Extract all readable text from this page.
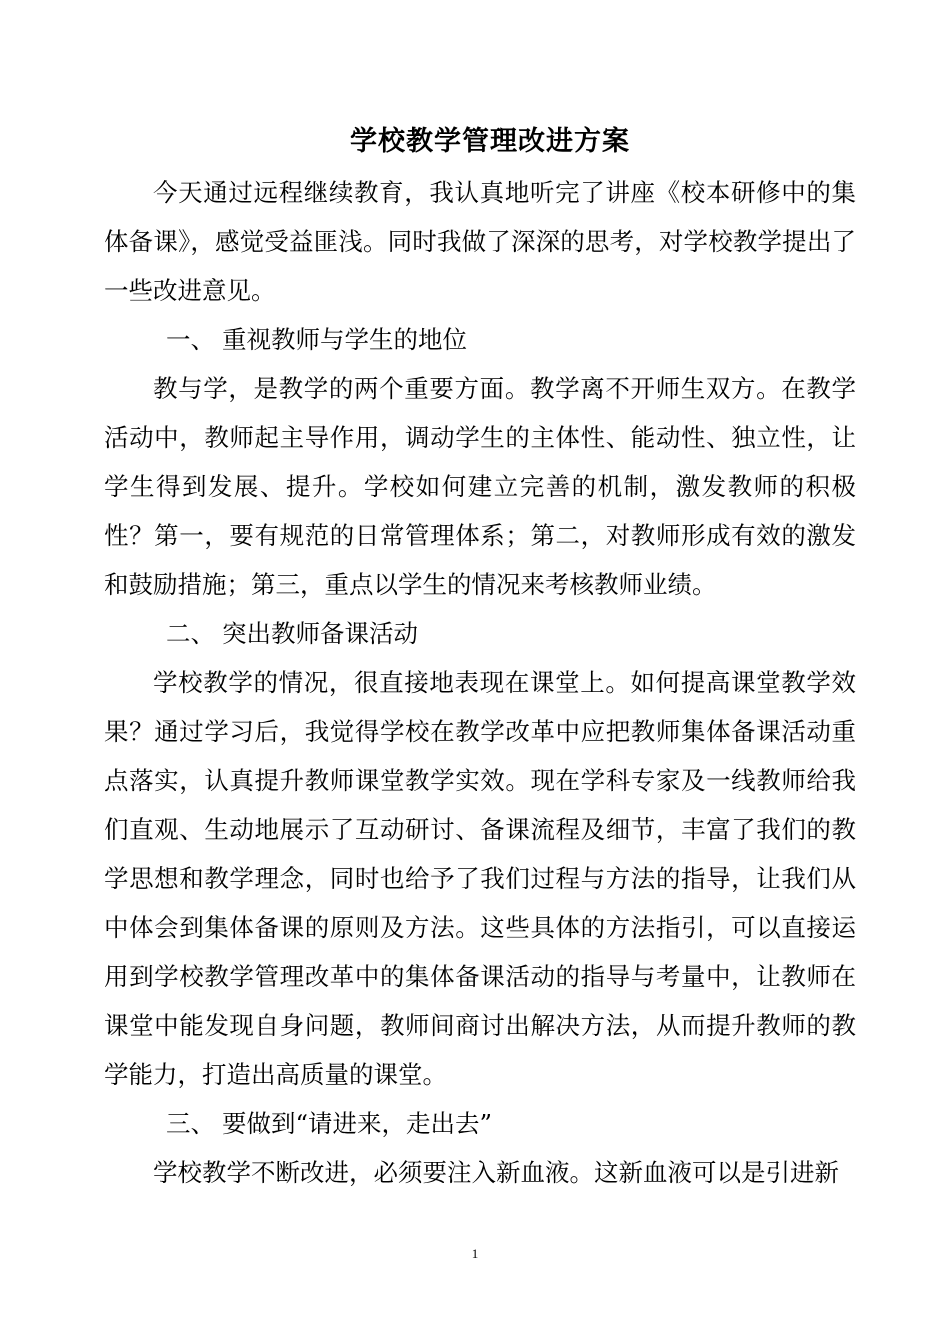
学校教学管理改进方案

今天通过远程继续教育，我认真地听完了讲座《校本研修中的集体备课》，感觉受益匪浅。同时我做了深深的思考，对学校教学提出了一些改进意见。

一、 重视教师与学生的地位

教与学，是教学的两个重要方面。教学离不开师生双方。在教学活动中，教师起主导作用，调动学生的主体性、能动性、独立性，让学生得到发展、提升。学校如何建立完善的机制，激发教师的积极性？第一，要有规范的日常管理体系；第二，对教师形成有效的激发和鼓励措施；第三，重点以学生的情况来考核教师业绩。

二、 突出教师备课活动

学校教学的情况，很直接地表现在课堂上。如何提高课堂教学效果？通过学习后，我觉得学校在教学改革中应把教师集体备课活动重点落实，认真提升教师课堂教学实效。现在学科专家及一线教师给我们直观、生动地展示了互动研讨、备课流程及细节，丰富了我们的教学思想和教学理念，同时也给予了我们过程与方法的指导，让我们从中体会到集体备课的原则及方法。这些具体的方法指引，可以直接运用到学校教学管理改革中的集体备课活动的指导与考量中，让教师在课堂中能发现自身问题，教师间商讨出解决方法，从而提升教师的教学能力，打造出高质量的课堂。

三、 要做到“请进来，走出去”

学校教学不断改进，必须要注入新血液。这新血液可以是引进新

1
